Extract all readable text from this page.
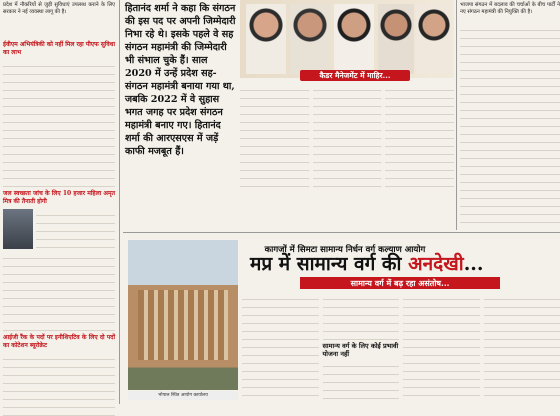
प्रदेश में नौकरियों से जुड़ी सुविधाएं उपलब्ध कराने के लिए सरकार ने नई व्यवस्था लागू की है।
ईवीएम अभियंत्रिकी को नहीं मिल रहा पीएफ सुविधा का लाभ
जल स्वच्छता जांच के लिए 10 हजार महिला अमृत मित्र की तैनाती होगी
आईजी रैंक के पदों पर इनीशिएटिव के लिए दो पदों का कोटेशन ब्यूरोक्रेट
हितानंद शर्मा ने कहा कि संगठन की इस पद पर अपनी जिम्मेदारी निभा रहे थे। इसके पहले वे सह संगठन महामंत्री की जिम्मेदारी भी संभाल चुके हैं। साल 2020 में उन्हें प्रदेश सह-संगठन महामंत्री बनाया गया था, जबकि 2022 में वे सुहास भगत जगह पर प्रदेश संगठन महामंत्री बनाए गए। हितानंद शर्मा की आरएसएस में जड़ें काफी मजबूत हैं।
कैडर मैनेजमेंट में माहिर...
भाजपा संगठन में बदलाव की चर्चाओं के बीच पार्टी ने नए संगठन महामंत्री की नियुक्ति की है।
कागजों में सिमटा सामान्य निर्धन वर्ग कल्याण आयोग
मप्र में सामान्य वर्ग की अनदेखी...
सामान्य वर्ग में बढ़ रहा असंतोष...
भोपाल स्थित आयोग कार्यालय
सामान्य वर्ग के लिए कोई प्रभावी योजना नहीं
